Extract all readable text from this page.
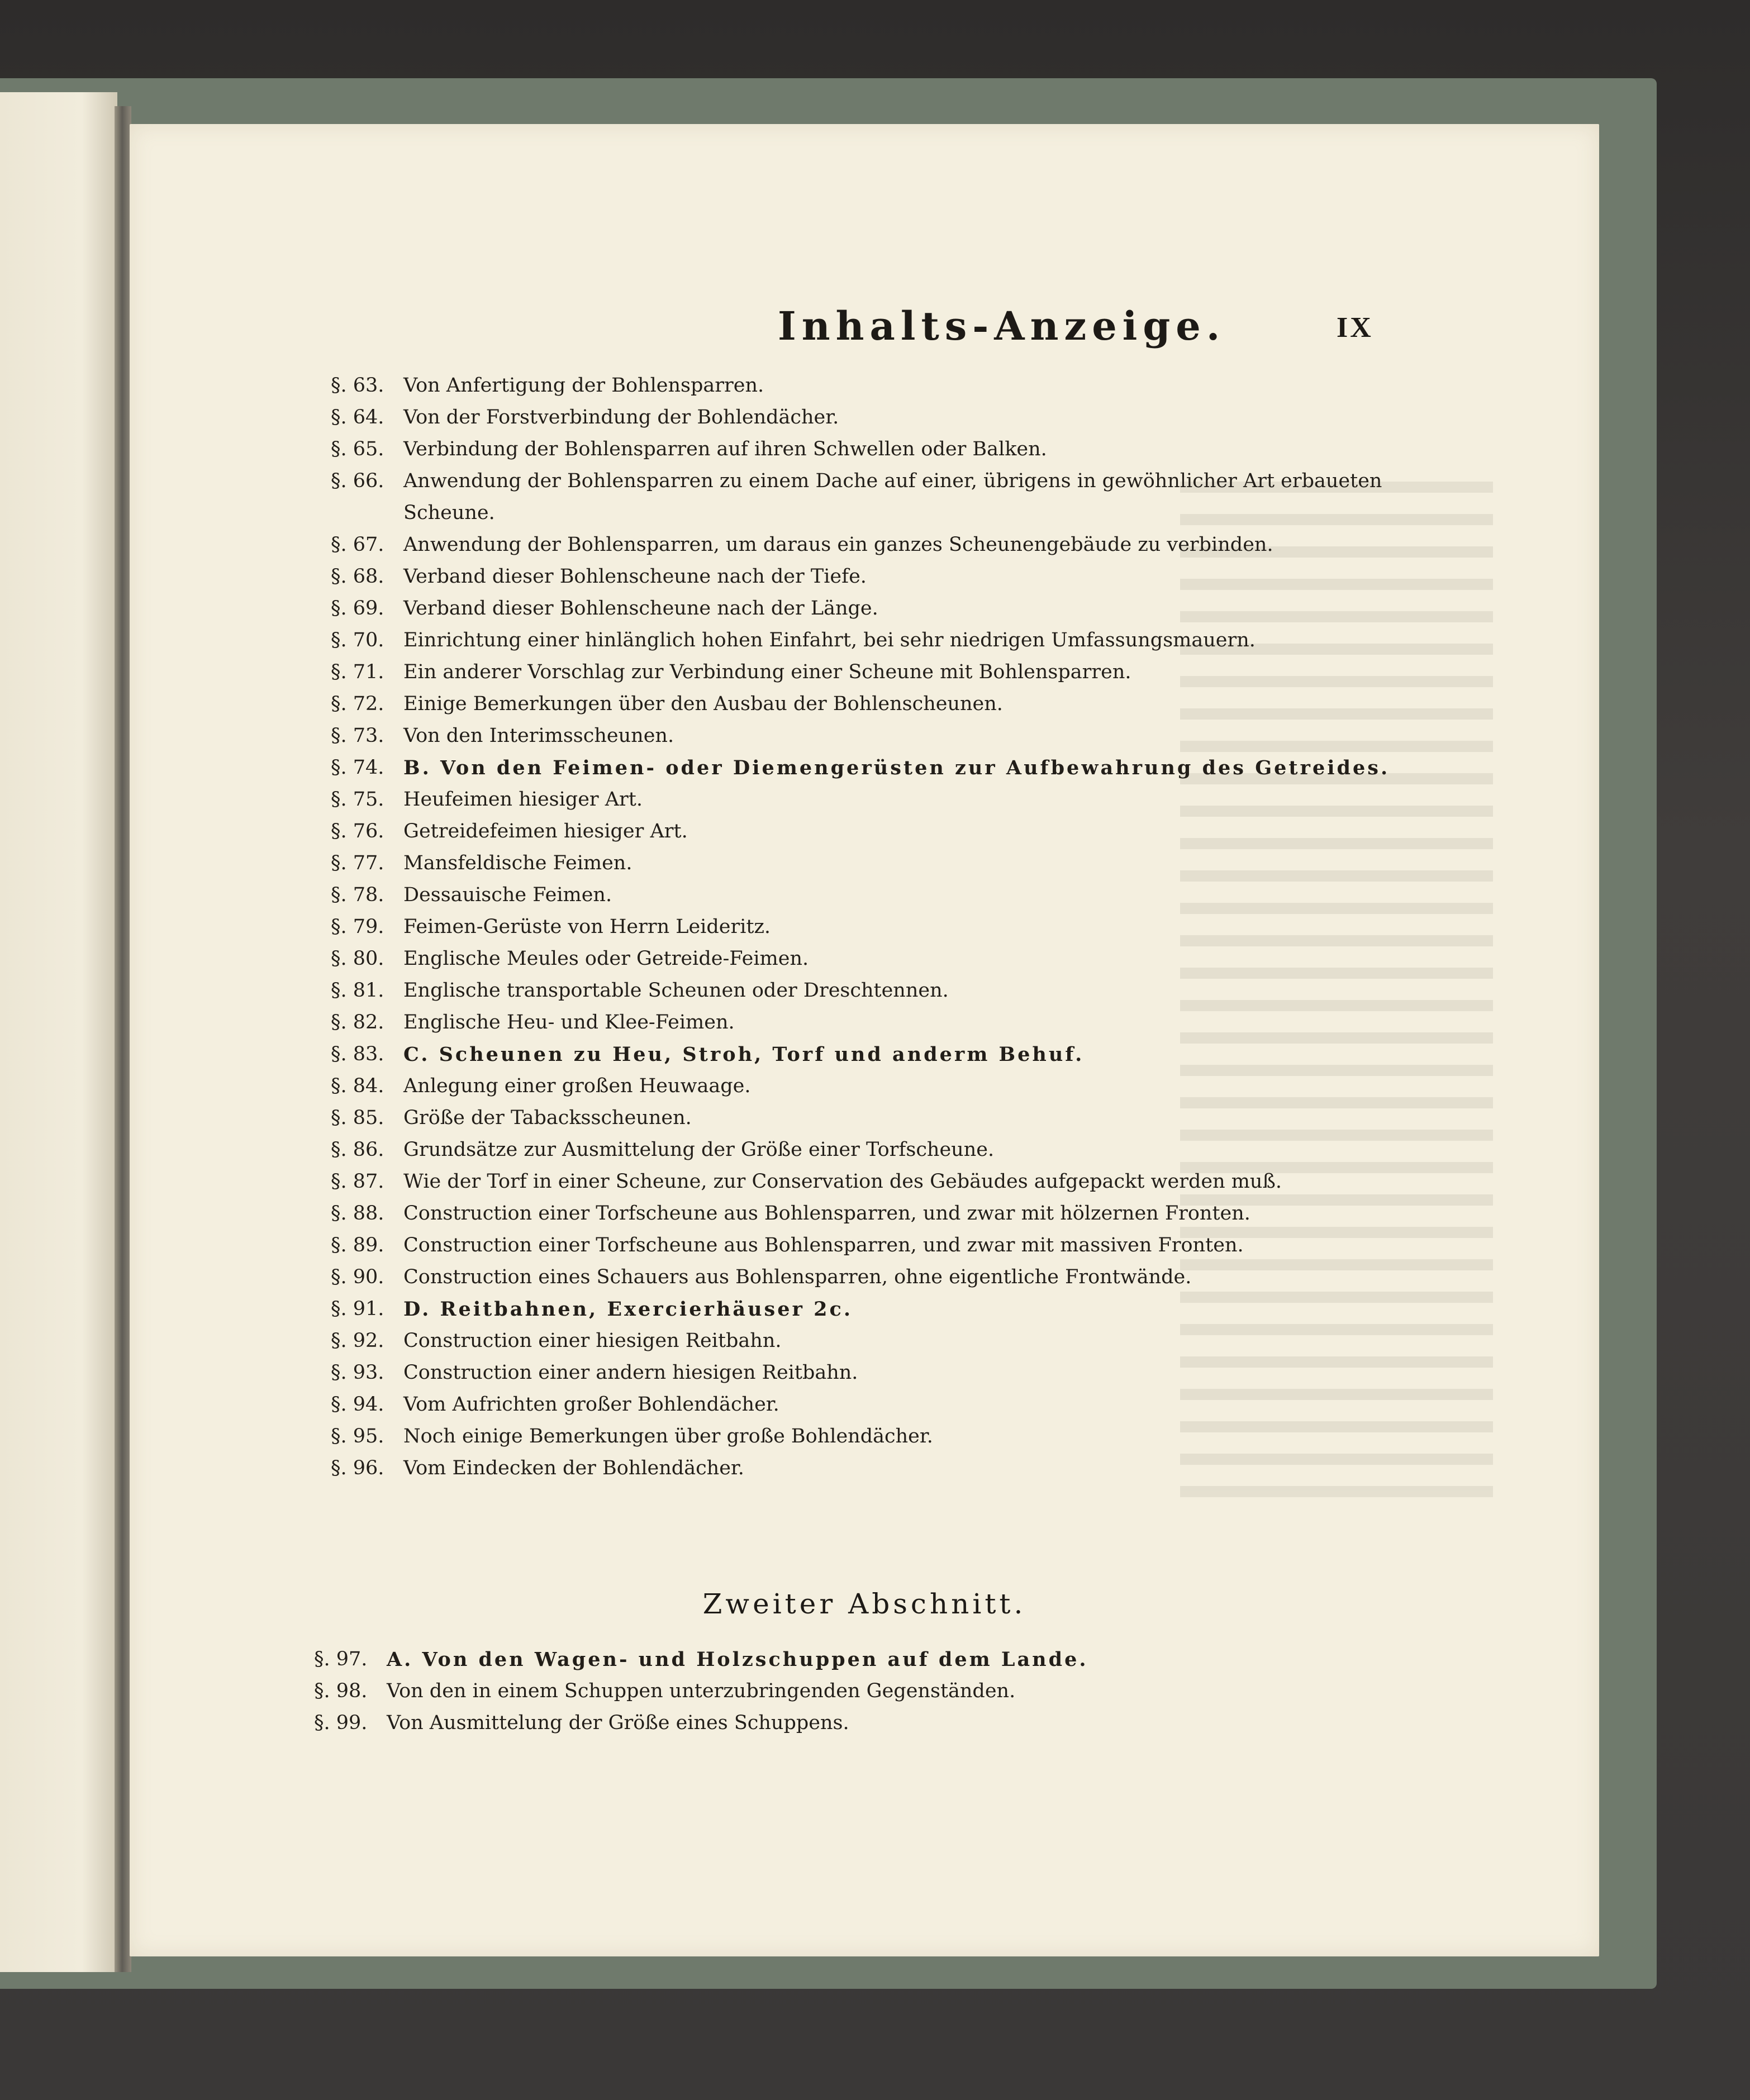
Inhalts-Anzeige.	IX
§. 63. Von Anfertigung der Bohlensparren.
§. 64. Von der Forstverbindung der Bohlendächer.
§. 65. Verbindung der Bohlensparren auf ihren Schwellen oder Balken.
§. 66. Anwendung der Bohlensparren zu einem Dache auf einer, übrigens in gewöhnlicher Art erbaueten Scheune.
§. 67. Anwendung der Bohlensparren, um daraus ein ganzes Scheunengebäude zu verbinden.
§. 68. Verband dieser Bohlenscheune nach der Tiefe.
§. 69. Verband dieser Bohlenscheune nach der Länge.
§. 70. Einrichtung einer hinlänglich hohen Einfahrt, bei sehr niedrigen Umfassungsmauern.
§. 71. Ein anderer Vorschlag zur Verbindung einer Scheune mit Bohlensparren.
§. 72. Einige Bemerkungen über den Ausbau der Bohlenscheunen.
§. 73. Von den Interimsscheunen.
§. 74. B. Von den Feimen- oder Diemengerüsten zur Aufbewahrung des Getreides.
§. 75. Heufeimen hiesiger Art.
§. 76. Getreidefeimen hiesiger Art.
§. 77. Mansfeldische Feimen.
§. 78. Dessauische Feimen.
§. 79. Feimen-Gerüste von Herrn Leideritz.
§. 80. Englische Meules oder Getreide-Feimen.
§. 81. Englische transportable Scheunen oder Dreschtennen.
§. 82. Englische Heu- und Klee-Feimen.
§. 83. C. Scheunen zu Heu, Stroh, Torf und anderm Behuf.
§. 84. Anlegung einer großen Heuwaage.
§. 85. Größe der Tabacksscheunen.
§. 86. Grundsätze zur Ausmittelung der Größe einer Torfscheune.
§. 87. Wie der Torf in einer Scheune, zur Conservation des Gebäudes aufgepackt werden muß.
§. 88. Construction einer Torfscheune aus Bohlensparren, und zwar mit hölzernen Fronten.
§. 89. Construction einer Torfscheune aus Bohlensparren, und zwar mit massiven Fronten.
§. 90. Construction eines Schauers aus Bohlensparren, ohne eigentliche Frontwände.
§. 91. D. Reitbahnen, Exercierhäuser 2c.
§. 92. Construction einer hiesigen Reitbahn.
§. 93. Construction einer andern hiesigen Reitbahn.
§. 94. Vom Aufrichten großer Bohlendächer.
§. 95. Noch einige Bemerkungen über große Bohlendächer.
§. 96. Vom Eindecken der Bohlendächer.
Zweiter Abschnitt.
§. 97. A. Von den Wagen- und Holzschuppen auf dem Lande.
§. 98. Von den in einem Schuppen unterzubringenden Gegenständen.
§. 99. Von Ausmittelung der Größe eines Schuppens.
